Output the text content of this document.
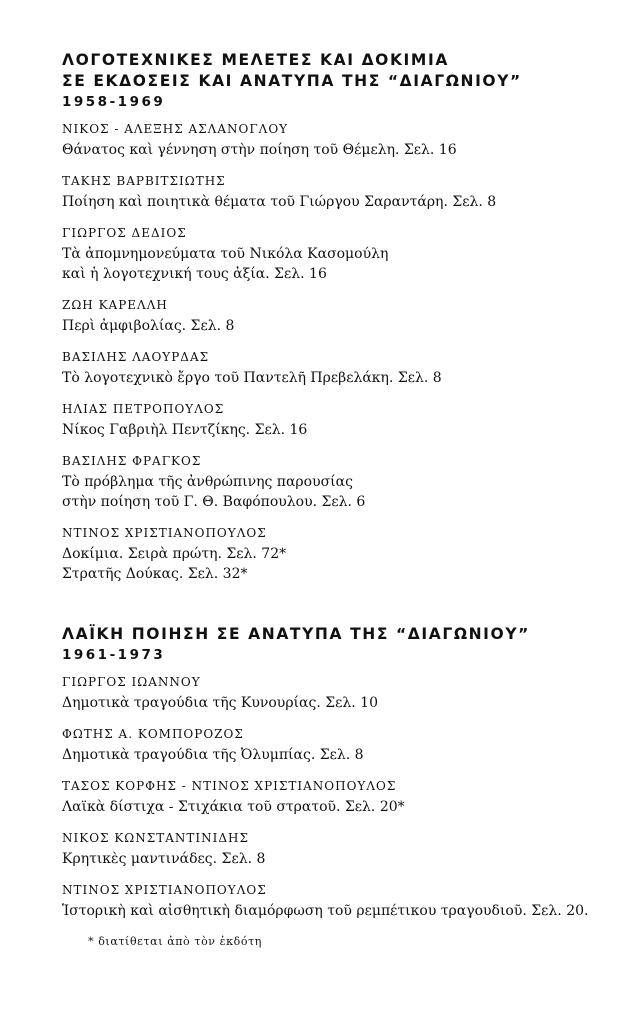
ΛΟΓΟΤΕΧΝΙΚΕΣ ΜΕΛΕΤΕΣ ΚΑΙ ΔΟΚΙΜΙΑ

ΣΕ ΕΚΔΟΣΕΙΣ ΚΑΙ ΑΝΑΤΥΠΑ ΤΗΣ “ΔΙΑΓΩΝΙΟΥ”

1958-1969

ΝΙΚΟΣ - ΑΛΕΞΗΣ ΑΣΛΑΝΟΓΛΟΥ

Θάνατος καὶ γέννηση στὴν ποίηση τοῦ Θέμελη. Σελ. 16

ΤΑΚΗΣ ΒΑΡΒΙΤΣΙΩΤΗΣ

Ποίηση καὶ ποιητικὰ θέματα τοῦ Γιώργου Σαραντάρη. Σελ. 8

ΓΙΩΡΓΟΣ ΔΕΔΙΟΣ

Τὰ ἀπομνημονεύματα τοῦ Νικόλα Κασομούλη

καὶ ἡ λογοτεχνική τους ἀξία. Σελ. 16

ΖΩΗ ΚΑΡΕΛΛΗ

Περὶ ἀμφιβολίας. Σελ. 8

ΒΑΣΙΛΗΣ ΛΑΟΥΡΔΑΣ

Τὸ λογοτεχνικὸ ἔργο τοῦ Παντελῆ Πρεβελάκη. Σελ. 8

ΗΛΙΑΣ ΠΕΤΡΟΠΟΥΛΟΣ

Νίκος Γαβριὴλ Πεντζίκης. Σελ. 16

ΒΑΣΙΛΗΣ ΦΡΑΓΚΟΣ

Τὸ πρόβλημα τῆς ἀνθρώπινης παρουσίας

στὴν ποίηση τοῦ Γ. Θ. Βαφόπουλου. Σελ. 6

ΝΤΙΝΟΣ ΧΡΙΣΤΙΑΝΟΠΟΥΛΟΣ

Δοκίμια. Σειρὰ πρώτη. Σελ. 72*

Στρατῆς Δούκας. Σελ. 32*

ΛΑΪΚΗ ΠΟΙΗΣΗ ΣΕ ΑΝΑΤΥΠΑ ΤΗΣ “ΔΙΑΓΩΝΙΟΥ”

1961-1973

ΓΙΩΡΓΟΣ ΙΩΑΝΝΟΥ

Δημοτικὰ τραγούδια τῆς Κυνουρίας. Σελ. 10

ΦΩΤΗΣ Α. ΚΟΜΠΟΡΟΖΟΣ

Δημοτικὰ τραγούδια τῆς Ὀλυμπίας. Σελ. 8

ΤΑΣΟΣ ΚΟΡΦΗΣ - ΝΤΙΝΟΣ ΧΡΙΣΤΙΑΝΟΠΟΥΛΟΣ

Λαϊκὰ δίστιχα - Στιχάκια τοῦ στρατοῦ. Σελ. 20*

ΝΙΚΟΣ ΚΩΝΣΤΑΝΤΙΝΙΔΗΣ

Κρητικὲς μαντινάδες. Σελ. 8

ΝΤΙΝΟΣ ΧΡΙΣΤΙΑΝΟΠΟΥΛΟΣ

Ἱστορικὴ καὶ αἰσθητικὴ διαμόρφωση τοῦ ρεμπέτικου τραγουδιοῦ. Σελ. 20.

* διατίθεται ἀπὸ τὸν ἐκδότη
